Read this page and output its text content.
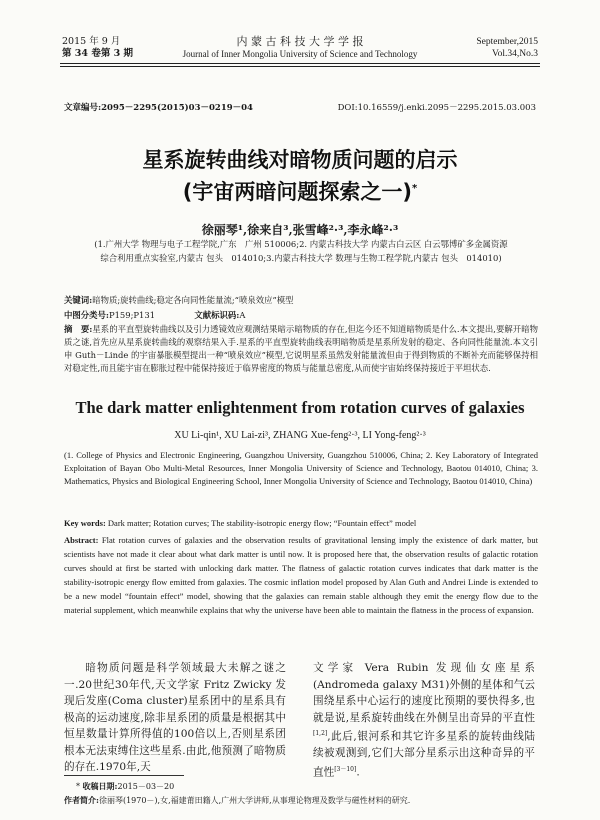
2015 年 9 月
第 34 卷第 3 期
内 蒙 古 科 技 大 学 学 报
Journal of Inner Mongolia University of Science and Technology
September,2015
Vol.34,No.3
文章编号:2095－2295(2015)03－0219－04	DOI:10.16559/j.enki.2095－2295.2015.03.003
星系旋转曲线对暗物质问题的启示
(宇宙两暗问题探索之一)*
徐丽琴¹,徐来自³,张雪峰²·³,李永峰²·³
(1.广州大学 物理与电子工程学院,广东　广州 510006;2. 内蒙古科技大学 内蒙古白云区 白云鄂博矿多金属资源
综合利用重点实验室,内蒙古 包头　014010;3.内蒙古科技大学 数理与生物工程学院,内蒙古 包头　014010)
关键词:暗物质;旋转曲线;稳定各向同性能量流;“喷泉效应”模型
中图分类号:P159;P131	文献标识码:A
摘　要:星系的平直型旋转曲线以及引力透镜效应观测结果暗示暗物质的存在,但迄今还不知道暗物质是什么.本文提出,要解开暗物质之谜,首先应从星系旋转曲线的观察结果入手.星系的平直型旋转曲线表明暗物质是星系所发射的稳定、各向同性能量流.本文引申 Guth－Linde 的宇宙暴胀模型提出一种“喷泉效应”模型,它说明星系虽然发射能量流但由于得到物质的不断补充而能够保持相对稳定性,而且能宇宙在膨胀过程中能保持接近于临界密度的物质与能量总密度,从而使宇宙始终保持接近于平坦状态.
The dark matter enlightenment from rotation curves of galaxies
XU Li-qin¹, XU Lai-zi³, ZHANG Xue-feng²·³, LI Yong-feng²·³
(1. College of Physics and Electronic Engineering, Guangzhou University, Guangzhou 510006, China; 2. Key Laboratory of Integrated Exploitation of Bayan Obo Multi-Metal Resources, Inner Mongolia University of Science and Technology, Baotou 014010, China; 3. Mathematics, Physics and Biological Engineering School, Inner Mongolia University of Science and Technology, Baotou 014010, China)
Key words: Dark matter; Rotation curves; The stability-isotropic energy flow; “Fountain effect” model
Abstract: Flat rotation curves of galaxies and the observation results of gravitational lensing imply the existence of dark matter, but scientists have not made it clear about what dark matter is until now. It is proposed here that, the observation results of galactic rotation curves should at first be started with unlocking dark matter. The flatness of galactic rotation curves indicates that dark matter is the stability-isotropic energy flow emitted from galaxies. The cosmic inflation model proposed by Alan Guth and Andrei Linde is extended to be a new model “fountain effect” model, showing that the galaxies can remain stable although they emit the energy flow due to the material supplement, which meanwhile explains that why the universe have been able to maintain the flatness in the process of expansion.
暗物质问题是科学领域最大未解之谜之一.20世纪30年代,天文学家 Fritz Zwicky 发现后发座(Coma cluster)星系团中的星系具有极高的运动速度,除非星系团的质量是根据其中恒星数量计算所得值的100倍以上,否则星系团根本无法束缚住这些星系.由此,他预测了暗物质的存在.1970年,天
文学家 Vera Rubin 发现仙女座星系(Andromeda galaxy M31)外侧的星体和气云围绕星系中心运行的速度比预期的要快得多,也就是说,星系旋转曲线在外侧呈出奇异的平直性[1,2],此后,银河系和其它许多星系的旋转曲线陆续被观测到,它们大部分星系示出这种奇异的平直性[3－10].
* 收稿日期:2015－03－20
作者简介:徐丽琴(1970－),女,福建莆田籍人,广州大学讲师,从事理论物理及数学与磁性材料的研究.
